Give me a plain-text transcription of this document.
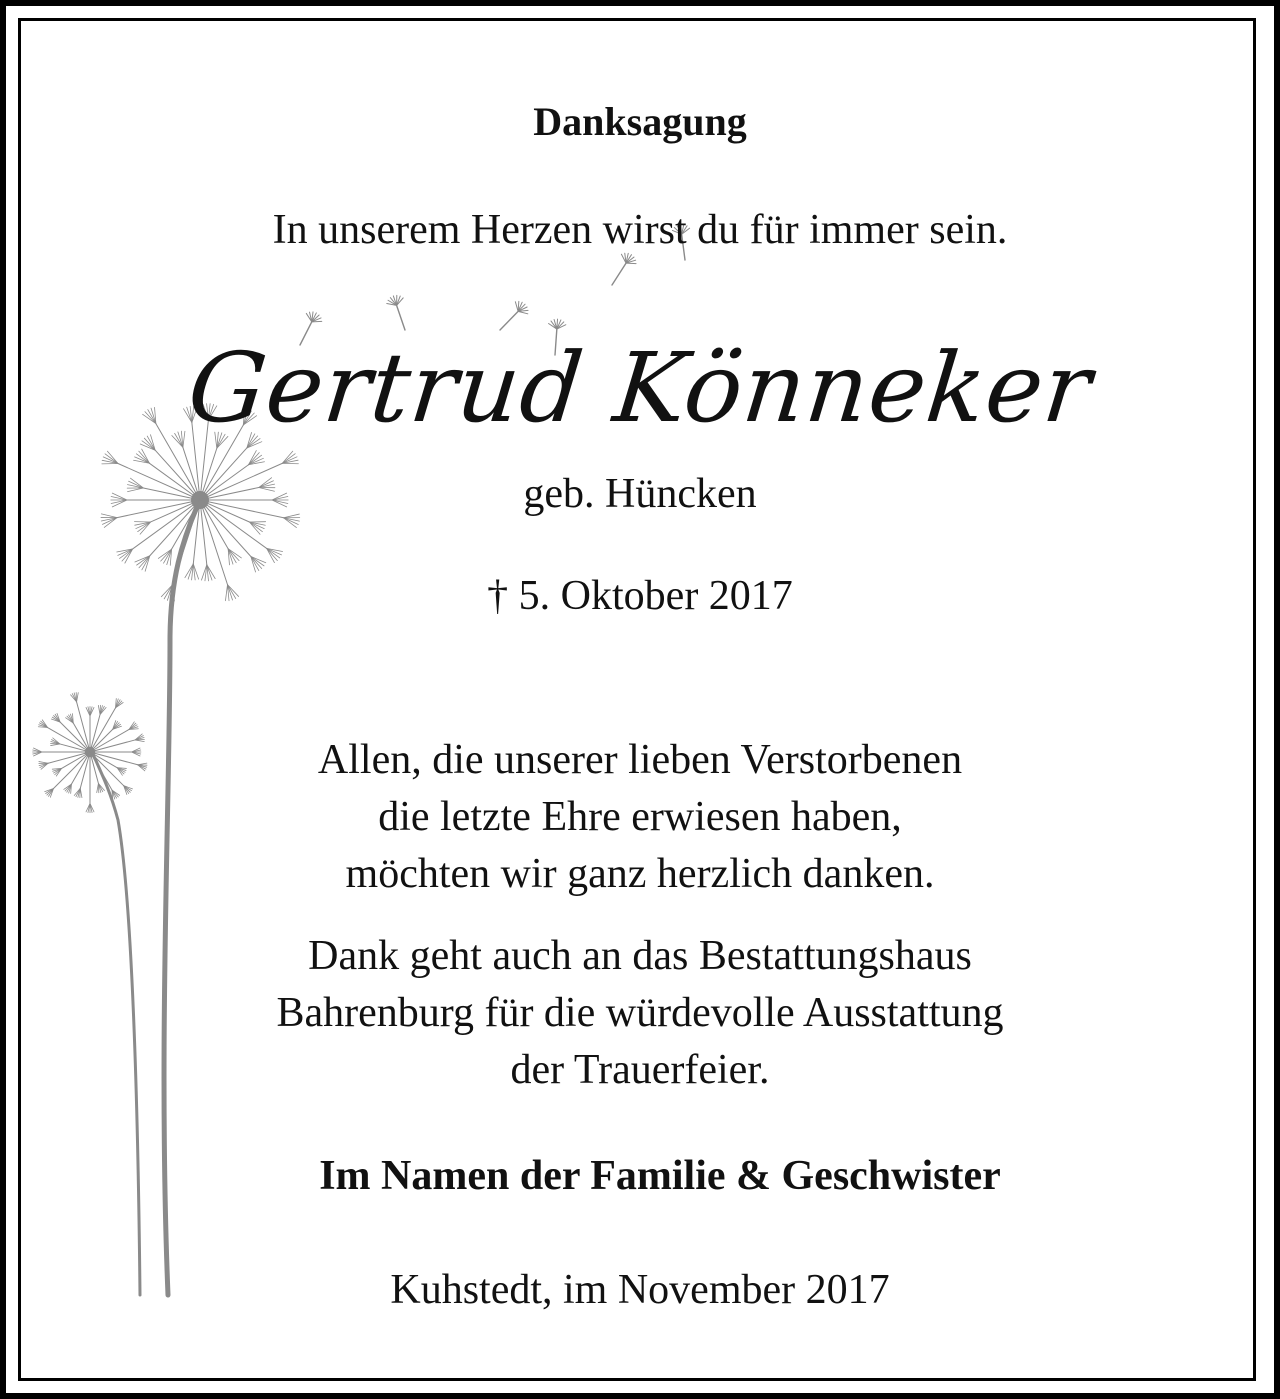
Danksagung

In unserem Herzen wirst du für immer sein.

Gertrud Könneker

geb. Hüncken

† 5. Oktober 2017

Allen, die unserer lieben Verstorbenen
die letzte Ehre erwiesen haben,
möchten wir ganz herzlich danken.
Dank geht auch an das Bestattungshaus
Bahrenburg für die würdevolle Ausstattung
der Trauerfeier.

Im Namen der Familie & Geschwister

Kuhstedt, im November 2017
